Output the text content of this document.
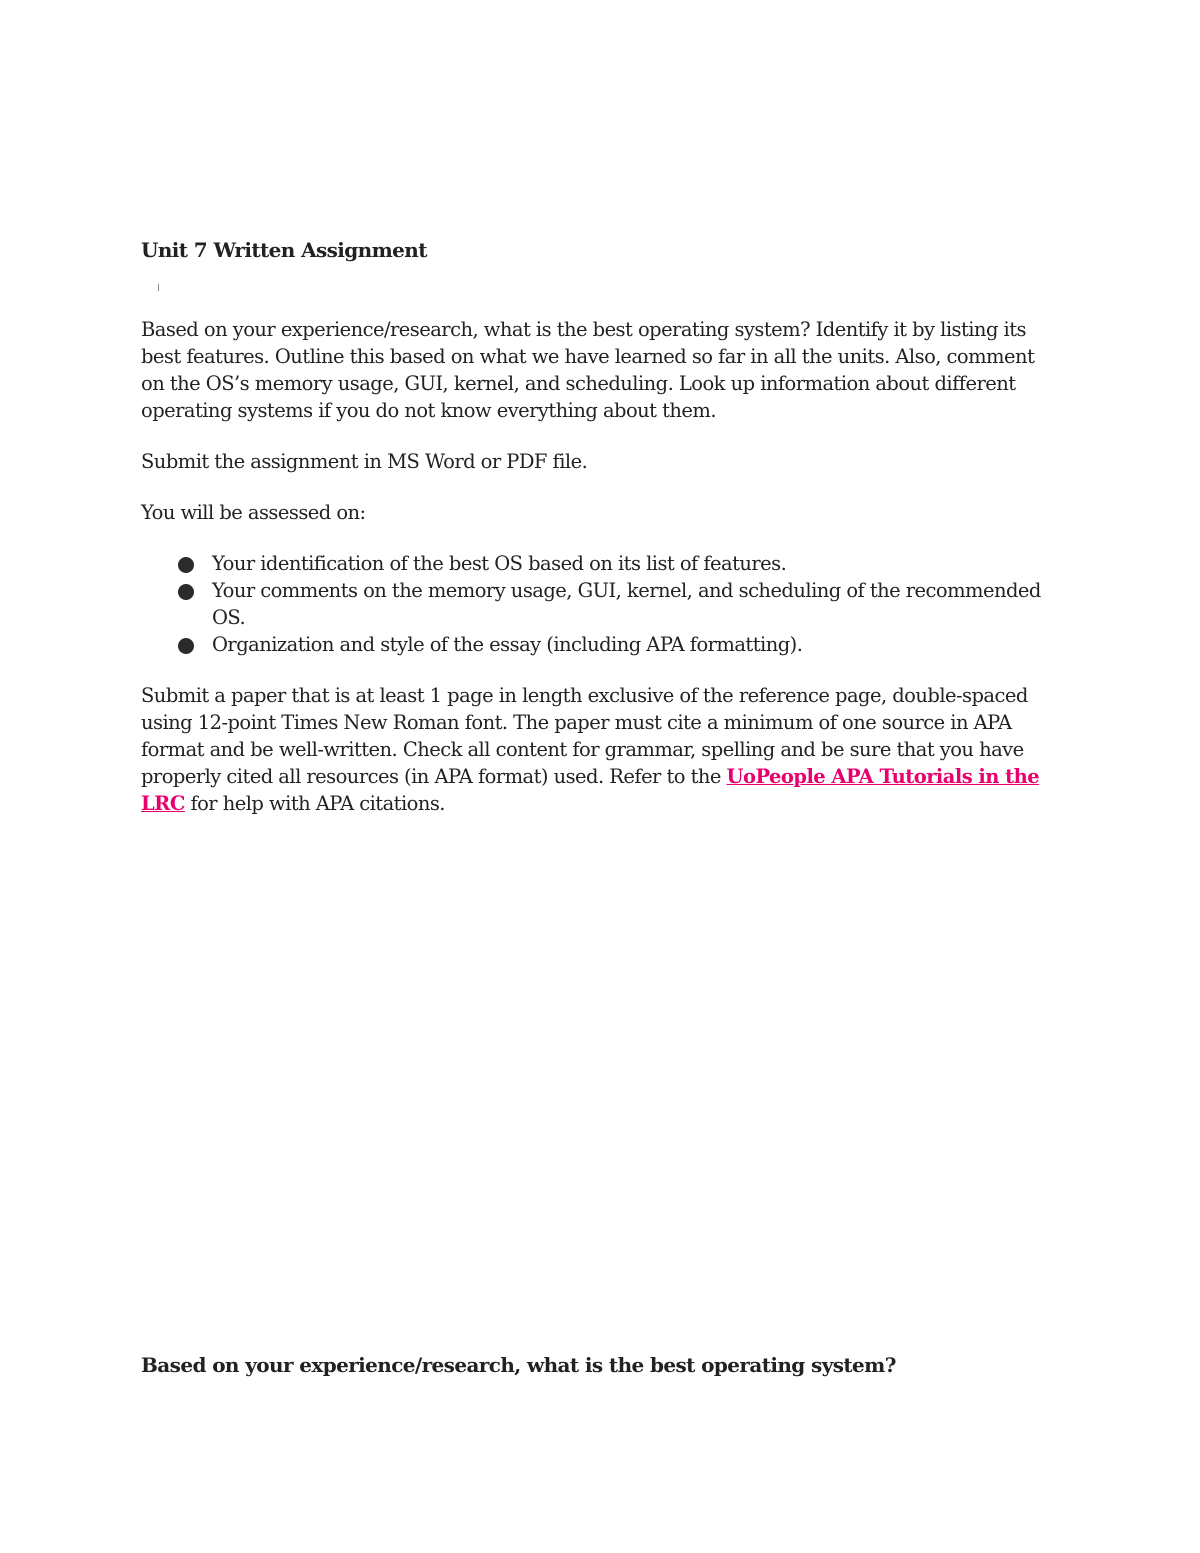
Unit 7 Written Assignment

Based on your experience/research, what is the best operating system? Identify it by listing its best features. Outline this based on what we have learned so far in all the units. Also, comment on the OS’s memory usage, GUI, kernel, and scheduling. Look up information about different operating systems if you do not know everything about them.

Submit the assignment in MS Word or PDF file.

You will be assessed on:

Your identification of the best OS based on its list of features.
Your comments on the memory usage, GUI, kernel, and scheduling of the recommended OS.
Organization and style of the essay (including APA formatting).

Submit a paper that is at least 1 page in length exclusive of the reference page, double-spaced using 12-point Times New Roman font. The paper must cite a minimum of one source in APA format and be well-written. Check all content for grammar, spelling and be sure that you have properly cited all resources (in APA format) used. Refer to the UoPeople APA Tutorials in the LRC for help with APA citations.

Based on your experience/research, what is the best operating system?
